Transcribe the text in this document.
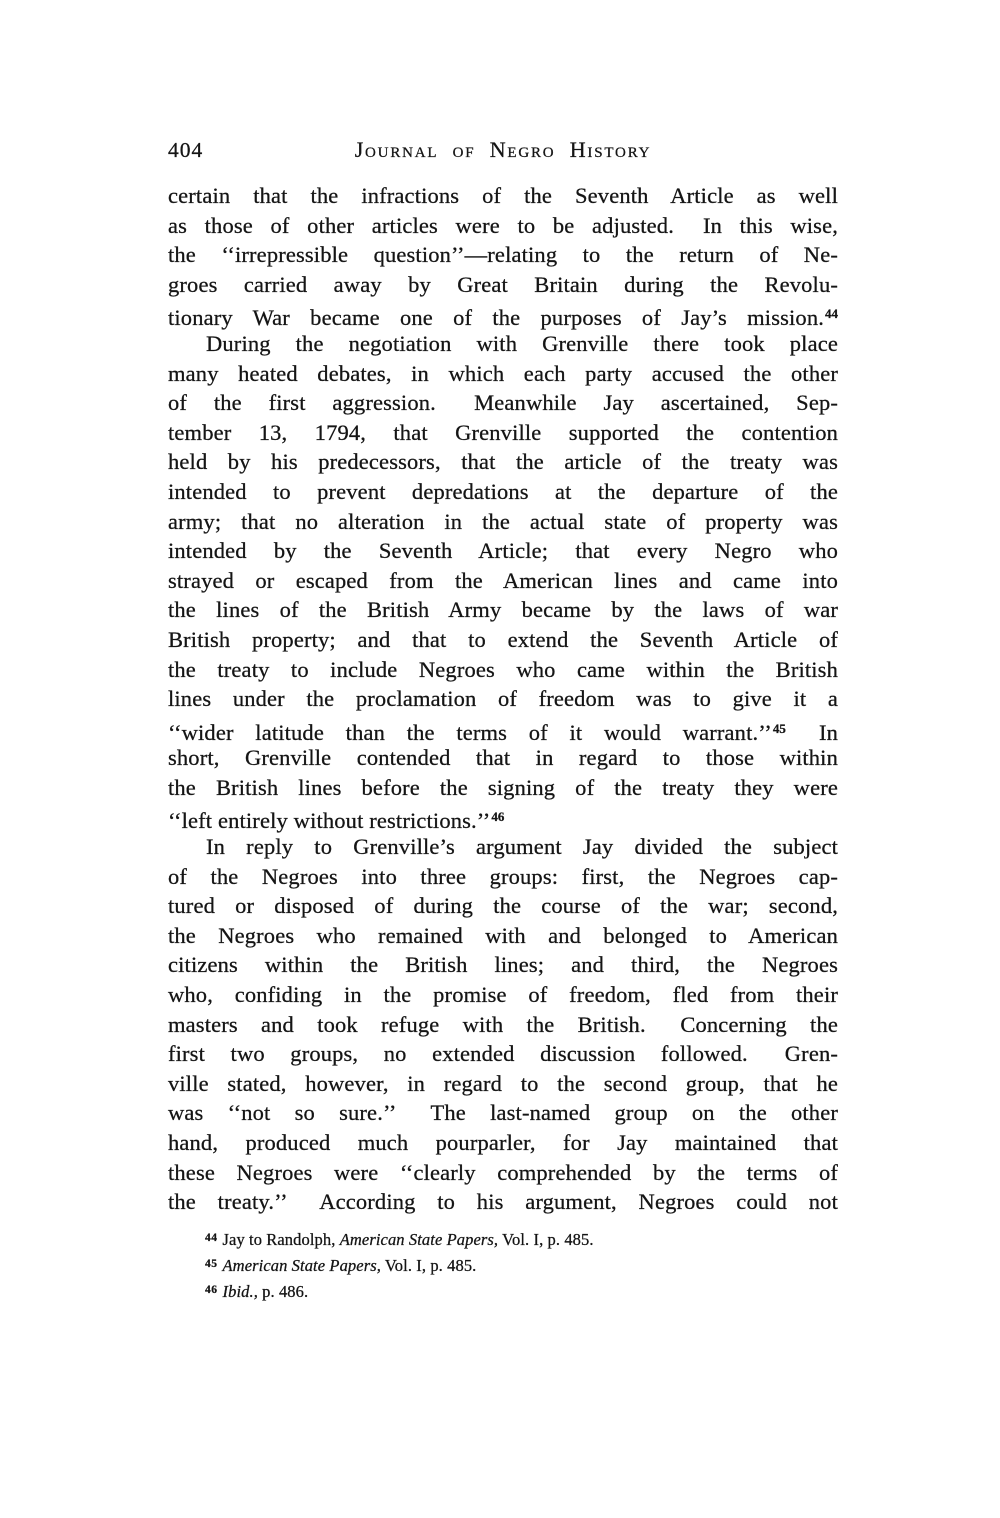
404	Journal of Negro History
certain that the infractions of the Seventh Article as well
as those of other articles were to be adjusted.  In this wise,
the ‘‘irrepressible question’’—relating to the return of Ne-
groes carried away by Great Britain during the Revolu-
tionary War became one of the purposes of Jay’s mission.$^{44}$
During the negotiation with Grenville there took place
many heated debates, in which each party accused the other
of the first aggression.  Meanwhile Jay ascertained, Sep-
tember 13, 1794, that Grenville supported the contention
held by his predecessors, that the article of the treaty was
intended to prevent depredations at the departure of the
army; that no alteration in the actual state of property was
intended by the Seventh Article; that every Negro who
strayed or escaped from the American lines and came into
the lines of the British Army became by the laws of war
British property; and that to extend the Seventh Article of
the treaty to include Negroes who came within the British
lines under the proclamation of freedom was to give it a
‘‘wider latitude than the terms of it would warrant.’’$^{45}$  In
short, Grenville contended that in regard to those within
the British lines before the signing of the treaty they were
‘‘left entirely without restrictions.’’$^{46}$
In reply to Grenville’s argument Jay divided the subject
of the Negroes into three groups: first, the Negroes cap-
tured or disposed of during the course of the war; second,
the Negroes who remained with and belonged to American
citizens within the British lines; and third, the Negroes
who, confiding in the promise of freedom, fled from their
masters and took refuge with the British.  Concerning the
first two groups, no extended discussion followed.  Gren-
ville stated, however, in regard to the second group, that he
was ‘‘not so sure.’’  The last-named group on the other
hand, produced much pourparler, for Jay maintained that
these Negroes were ‘‘clearly comprehended by the terms of
the treaty.’’  According to his argument, Negroes could not
$^{44}$ Jay to Randolph, American State Papers, Vol. I, p. 485.
$^{45}$ American State Papers, Vol. I, p. 485.
$^{46}$ Ibid., p. 486.
